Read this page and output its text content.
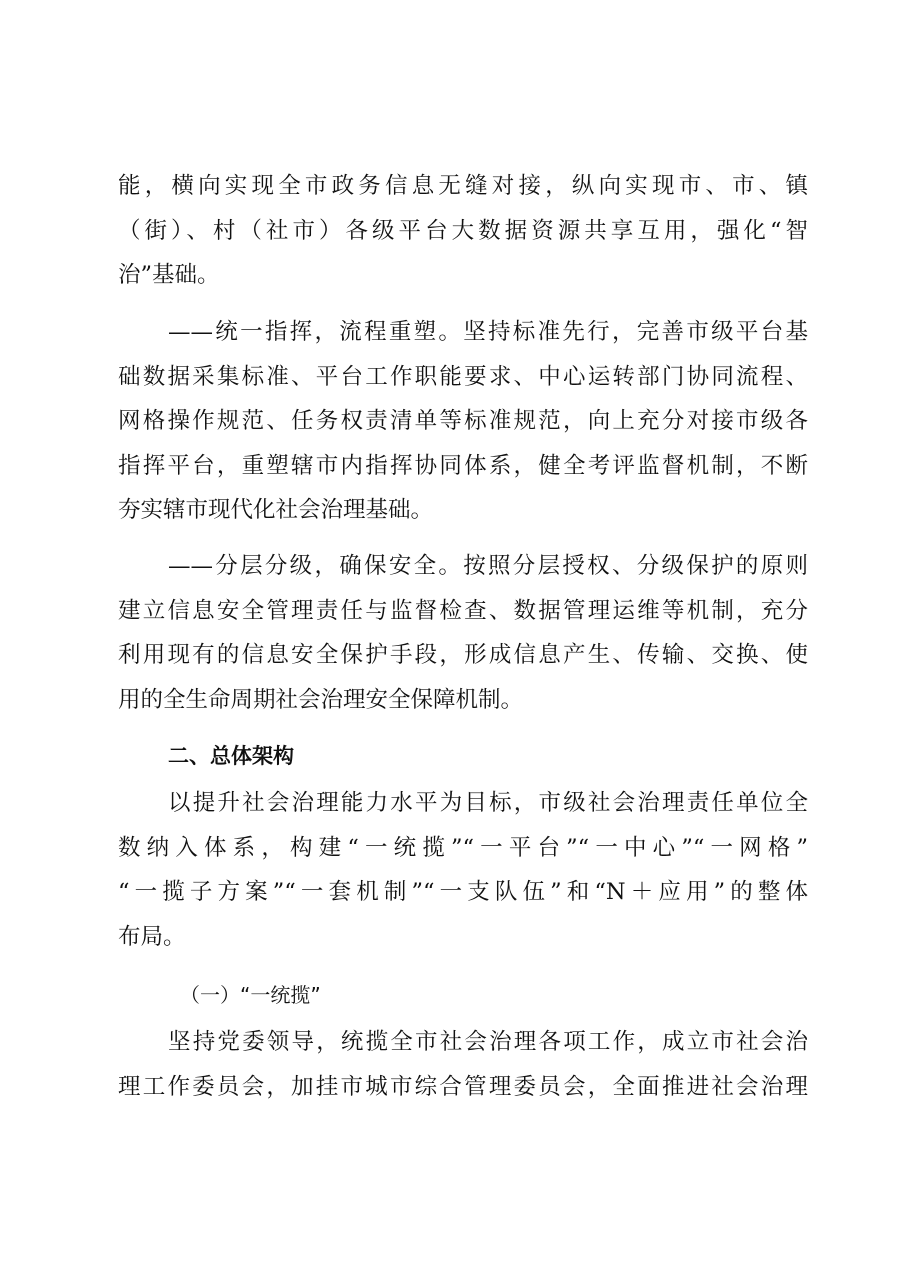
能，横向实现全市政务信息无缝对接，纵向实现市、市、镇
（街）、村（社市）各级平台大数据资源共享互用，强化“智
治”基础。
——统一指挥，流程重塑。坚持标准先行，完善市级平台基
础数据采集标准、平台工作职能要求、中心运转部门协同流程、
网格操作规范、任务权责清单等标准规范，向上充分对接市级各
指挥平台，重塑辖市内指挥协同体系，健全考评监督机制，不断
夯实辖市现代化社会治理基础。
——分层分级，确保安全。按照分层授权、分级保护的原则
建立信息安全管理责任与监督检查、数据管理运维等机制，充分
利用现有的信息安全保护手段，形成信息产生、传输、交换、使
用的全生命周期社会治理安全保障机制。
二、总体架构
以提升社会治理能力水平为目标，市级社会治理责任单位全
数纳入体系，构建“一统揽”“一平台”“一中心”“一网格”
“一揽子方案”“一套机制”“一支队伍”和“N＋应用”的整体
布局。
（一）“一统揽”
坚持党委领导，统揽全市社会治理各项工作，成立市社会治
理工作委员会，加挂市城市综合管理委员会，全面推进社会治理
